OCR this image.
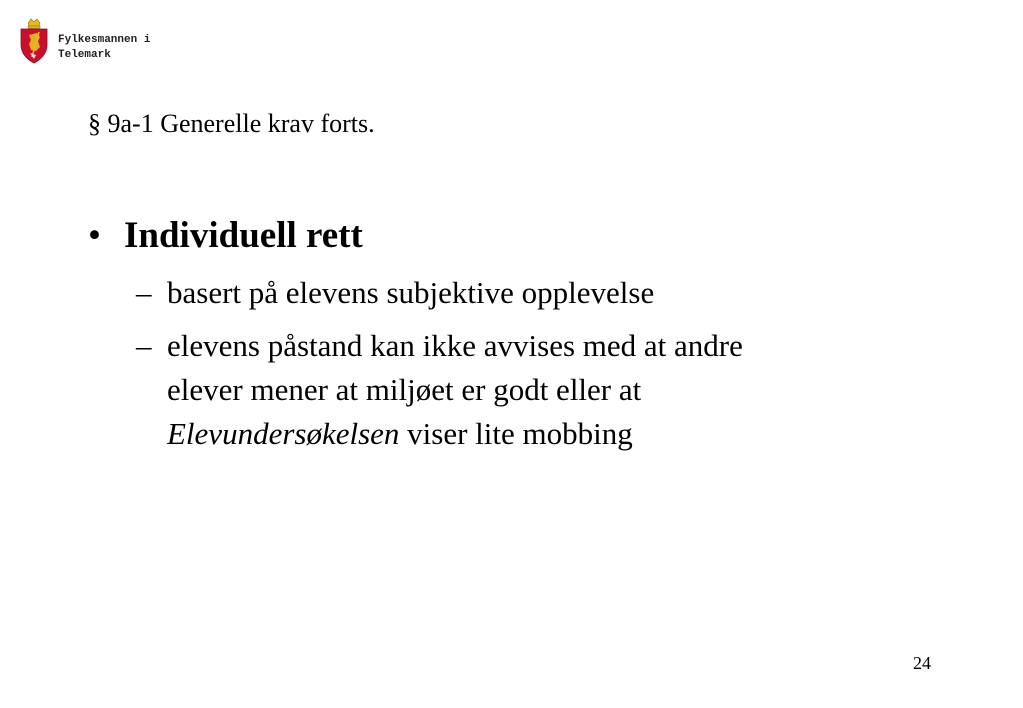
Fylkesmannen i
Telemark
§ 9a-1 Generelle krav forts.
• Individuell rett
– basert på elevens subjektive opplevelse
– elevens påstand kan ikke avvises med at andre
elever mener at miljøet er godt eller at
Elevundersøkelsen viser lite mobbing
24
